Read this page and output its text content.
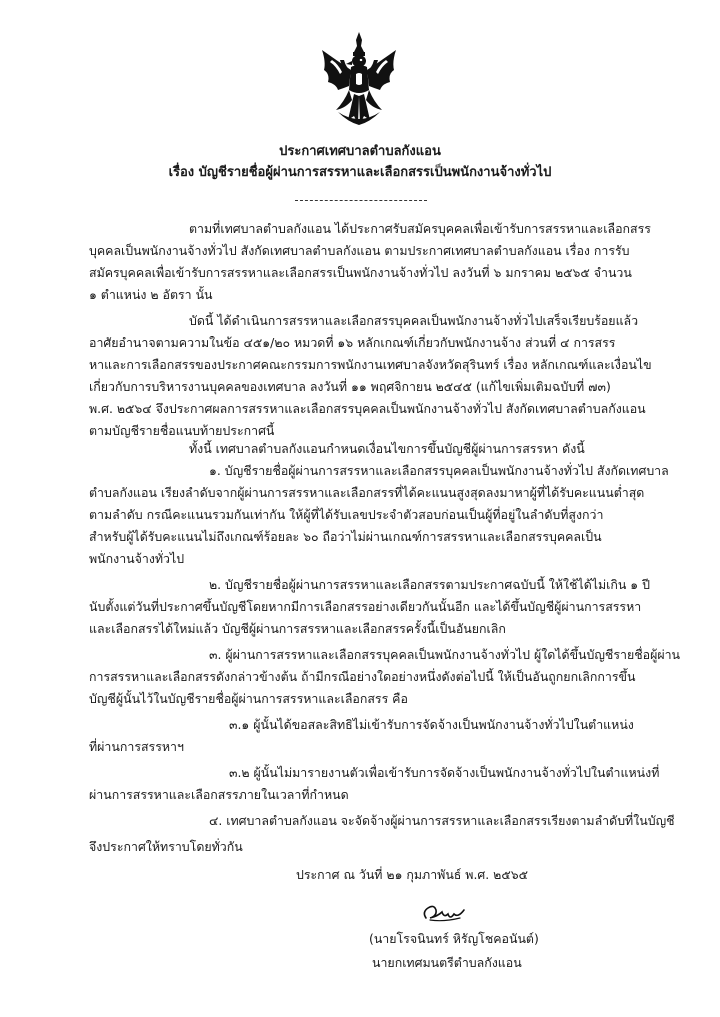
ประกาศเทศบาลตำบลกังแอน
เรื่อง บัญชีรายชื่อผู้ผ่านการสรรหาและเลือกสรรเป็นพนักงานจ้างทั่วไป
ตามที่เทศบาลตำบลกังแอน ได้ประกาศรับสมัครบุคคลเพื่อเข้ารับการสรรหาและเลือกสรร
บุคคลเป็นพนักงานจ้างทั่วไป สังกัดเทศบาลตำบลกังแอน ตามประกาศเทศบาลตำบลกังแอน เรื่อง การรับ
สมัครบุคคลเพื่อเข้ารับการสรรหาและเลือกสรรเป็นพนักงานจ้างทั่วไป ลงวันที่ ๖ มกราคม ๒๕๖๕ จำนวน
๑ ตำแหน่ง ๒ อัตรา นั้น
บัดนี้ ได้ดำเนินการสรรหาและเลือกสรรบุคคลเป็นพนักงานจ้างทั่วไปเสร็จเรียบร้อยแล้ว
อาศัยอำนาจตามความในข้อ ๔๕๑/๒๐ หมวดที่ ๑๖ หลักเกณฑ์เกี่ยวกับพนักงานจ้าง ส่วนที่ ๔ การสรร
หาและการเลือกสรรของประกาศคณะกรรมการพนักงานเทศบาลจังหวัดสุรินทร์ เรื่อง หลักเกณฑ์และเงื่อนไข
เกี่ยวกับการบริหารงานบุคคลของเทศบาล ลงวันที่ ๑๑ พฤศจิกายน ๒๕๔๕ (แก้ไขเพิ่มเติมฉบับที่ ๗๓)
พ.ศ. ๒๕๖๔ จึงประกาศผลการสรรหาและเลือกสรรบุคคลเป็นพนักงานจ้างทั่วไป สังกัดเทศบาลตำบลกังแอน
ตามบัญชีรายชื่อแนบท้ายประกาศนี้
ทั้งนี้ เทศบาลตำบลกังแอนกำหนดเงื่อนไขการขึ้นบัญชีผู้ผ่านการสรรหา ดังนี้
๑. บัญชีรายชื่อผู้ผ่านการสรรหาและเลือกสรรบุคคลเป็นพนักงานจ้างทั่วไป สังกัดเทศบาล
ตำบลกังแอน เรียงลำดับจากผู้ผ่านการสรรหาและเลือกสรรที่ได้คะแนนสูงสุดลงมาหาผู้ที่ได้รับคะแนนต่ำสุด
ตามลำดับ กรณีคะแนนรวมกันเท่ากัน ให้ผู้ที่ได้รับเลขประจำตัวสอบก่อนเป็นผู้ที่อยู่ในลำดับที่สูงกว่า
สำหรับผู้ได้รับคะแนนไม่ถึงเกณฑ์ร้อยละ ๖๐ ถือว่าไม่ผ่านเกณฑ์การสรรหาและเลือกสรรบุคคลเป็น
พนักงานจ้างทั่วไป
๒. บัญชีรายชื่อผู้ผ่านการสรรหาและเลือกสรรตามประกาศฉบับนี้ ให้ใช้ได้ไม่เกิน ๑ ปี
นับตั้งแต่วันที่ประกาศขึ้นบัญชีโดยหากมีการเลือกสรรอย่างเดียวกันนั้นอีก และได้ขึ้นบัญชีผู้ผ่านการสรรหา
และเลือกสรรได้ใหม่แล้ว บัญชีผู้ผ่านการสรรหาและเลือกสรรครั้งนี้เป็นอันยกเลิก
๓. ผู้ผ่านการสรรหาและเลือกสรรบุคคลเป็นพนักงานจ้างทั่วไป ผู้ใดได้ขึ้นบัญชีรายชื่อผู้ผ่าน
การสรรหาและเลือกสรรดังกล่าวข้างต้น ถ้ามีกรณีอย่างใดอย่างหนึ่งดังต่อไปนี้ ให้เป็นอันถูกยกเลิกการขึ้น
บัญชีผู้นั้นไว้ในบัญชีรายชื่อผู้ผ่านการสรรหาและเลือกสรร คือ
๓.๑ ผู้นั้นได้ขอสละสิทธิไม่เข้ารับการจัดจ้างเป็นพนักงานจ้างทั่วไปในตำแหน่ง
ที่ผ่านการสรรหาฯ
๓.๒ ผู้นั้นไม่มารายงานตัวเพื่อเข้ารับการจัดจ้างเป็นพนักงานจ้างทั่วไปในตำแหน่งที่
ผ่านการสรรหาและเลือกสรรภายในเวลาที่กำหนด
๔. เทศบาลตำบลกังแอน จะจัดจ้างผู้ผ่านการสรรหาและเลือกสรรเรียงตามลำดับที่ในบัญชี
จึงประกาศให้ทราบโดยทั่วกัน
ประกาศ ณ วันที่ ๒๑ กุมภาพันธ์ พ.ศ. ๒๕๖๕
(นายโรจนินทร์ หิรัญโชคอนันต์)
นายกเทศมนตรีตำบลกังแอน
